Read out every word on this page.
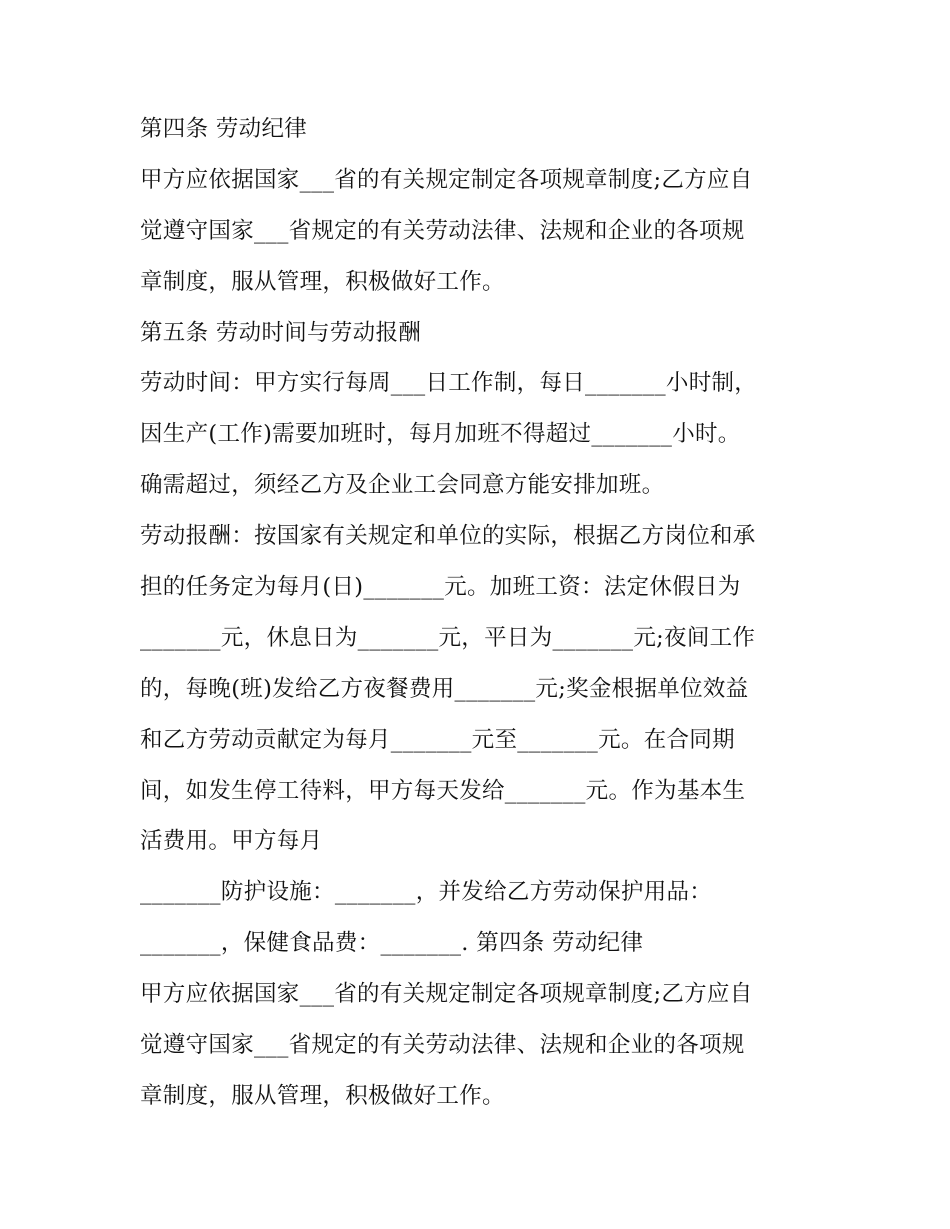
第四条 劳动纪律
甲方应依据国家___省的有关规定制定各项规章制度;乙方应自
觉遵守国家___省规定的有关劳动法律、法规和企业的各项规
章制度，服从管理，积极做好工作。
第五条 劳动时间与劳动报酬
劳动时间：甲方实行每周___日工作制，每日_______小时制，
因生产(工作)需要加班时，每月加班不得超过_______小时。
确需超过，须经乙方及企业工会同意方能安排加班。
劳动报酬：按国家有关规定和单位的实际，根据乙方岗位和承
担的任务定为每月(日)_______元。加班工资：法定休假日为
_______元，休息日为_______元，平日为_______元;夜间工作
的，每晚(班)发给乙方夜餐费用_______元;奖金根据单位效益
和乙方劳动贡献定为每月_______元至_______元。在合同期
间，如发生停工待料，甲方每天发给_______元。作为基本生
活费用。甲方每月
_______防护设施：_______，并发给乙方劳动保护用品：
_______，保健食品费：_______. 第四条 劳动纪律
甲方应依据国家___省的有关规定制定各项规章制度;乙方应自
觉遵守国家___省规定的有关劳动法律、法规和企业的各项规
章制度，服从管理，积极做好工作。
